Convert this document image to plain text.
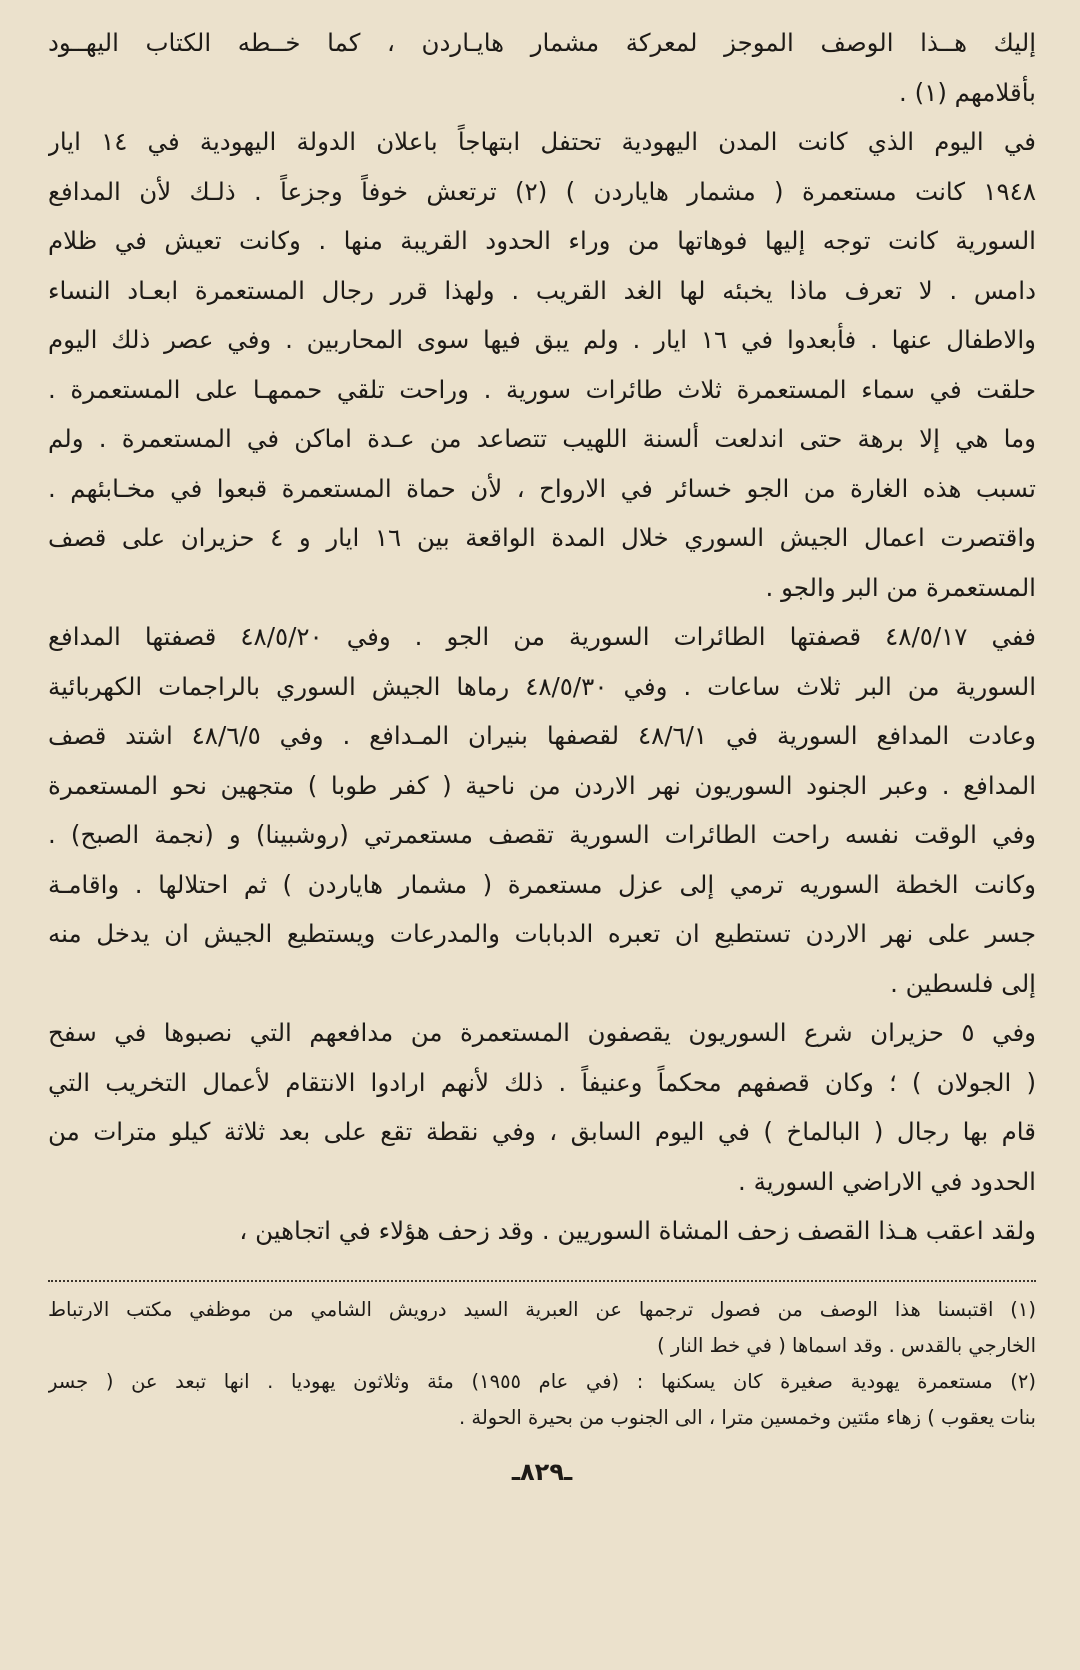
إليك هــذا الوصف الموجز لمعركة مشمار هايـاردن ، كما خــطه الكتاب اليهــود
بأقلامهم (١) .
في اليوم الذي كانت المدن اليهودية تحتفل ابتهاجاً باعلان الدولة اليهودية في ١٤ ايار
١٩٤٨ كانت مستعمرة ( مشمار هاياردن ) (٢) ترتعش خوفاً وجزعاً . ذلـك لأن المدافع
السورية كانت توجه إليها فوهاتها من وراء الحدود القريبة منها . وكانت تعيش في ظلام
دامس . لا تعرف ماذا يخبئه لها الغد القريب . ولهذا قرر رجال المستعمرة ابعـاد النساء
والاطفال عنها . فأبعدوا في ١٦ ايار . ولم يبق فيها سوى المحاربين . وفي عصر ذلك اليوم
حلقت في سماء المستعمرة ثلاث طائرات سورية . وراحت تلقي حممهـا على المستعمرة .
وما هي إلا برهة حتى اندلعت ألسنة اللهيب تتصاعد من عـدة اماكن في المستعمرة . ولم
تسبب هذه الغارة من الجو خسائر في الارواح ، لأن حماة المستعمرة قبعوا في مخـابئهم .
واقتصرت اعمال الجيش السوري خلال المدة الواقعة بين ١٦ ايار و ٤ حزيران على قصف
المستعمرة من البر والجو .
ففي ٤٨/٥/١٧ قصفتها الطائرات السورية من الجو . وفي ٤٨/٥/٢٠ قصفتها المدافع
السورية من البر ثلاث ساعات . وفي ٤٨/٥/٣٠ رماها الجيش السوري بالراجمات الكهربائية
وعادت المدافع السورية في ٤٨/٦/١ لقصفها بنيران المـدافع . وفي ٤٨/٦/٥ اشتد قصف
المدافع . وعبر الجنود السوريون نهر الاردن من ناحية ( كفر طوبا ) متجهين نحو المستعمرة
وفي الوقت نفسه راحت الطائرات السورية تقصف مستعمرتي (روشبينا) و (نجمة الصبح) .
وكانت الخطة السوريه ترمي إلى عزل مستعمرة ( مشمار هاياردن ) ثم احتلالها . واقامـة
جسر على نهر الاردن تستطيع ان تعبره الدبابات والمدرعات ويستطيع الجيش ان يدخل منه
إلى فلسطين .
وفي ٥ حزيران شرع السوريون يقصفون المستعمرة من مدافعهم التي نصبوها في سفح
( الجولان ) ؛ وكان قصفهم محكماً وعنيفاً . ذلك لأنهم ارادوا الانتقام لأعمال التخريب التي
قام بها رجال ( البالماخ ) في اليوم السابق ، وفي نقطة تقع على بعد ثلاثة كيلو مترات من
الحدود في الاراضي السورية .
ولقد اعقب هـذا القصف زحف المشاة السوريين . وقد زحف هؤلاء في اتجاهين ،
(١) اقتبسنا هذا الوصف من فصول ترجمها عن العبرية السيد درويش الشامي من موظفي مكتب الارتباط
الخارجي بالقدس . وقد اسماها ( في خط النار )
(٢) مستعمرة يهودية صغيرة كان يسكنها : (في عام ١٩٥٥) مئة وثلاثون يهوديا . انها تبعد عن ( جسر
بنات يعقوب ) زهاء مئتين وخمسين مترا ، الى الجنوب من بحيرة الحولة .
ـ٨٢٩ـ
